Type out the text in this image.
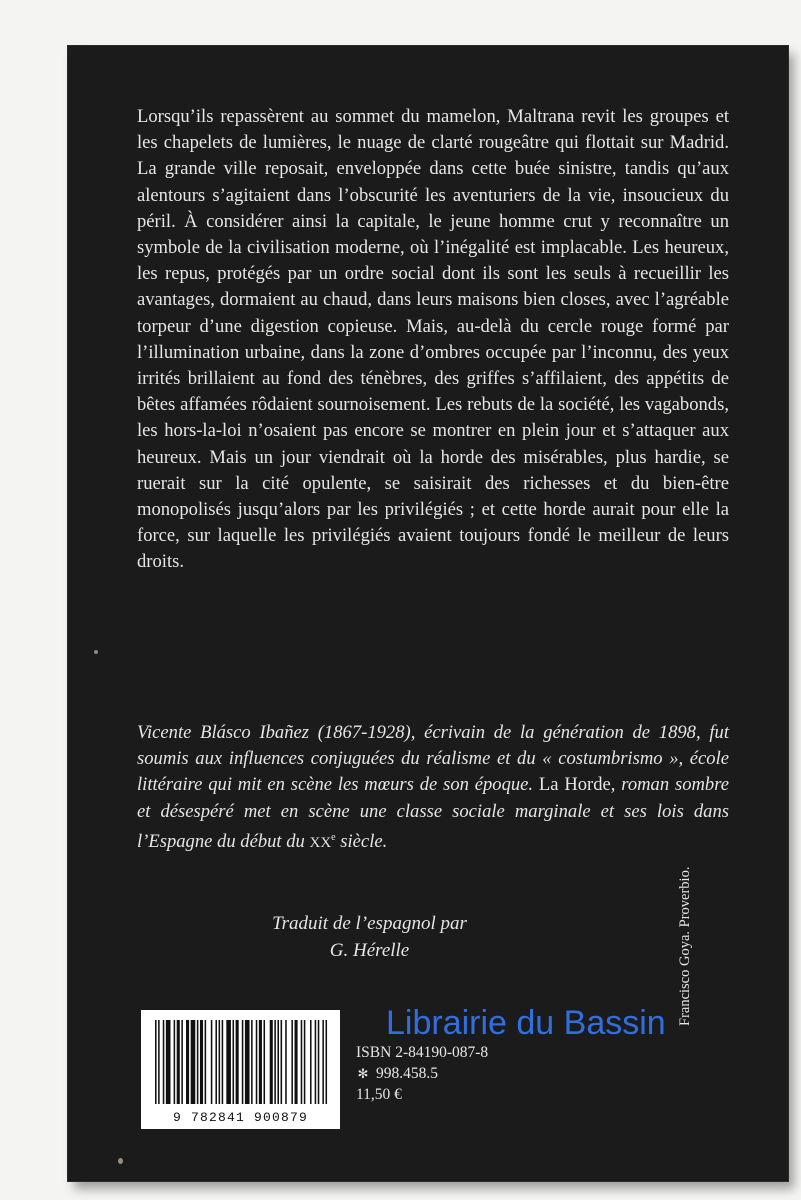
Lorsqu’ils repassèrent au sommet du mamelon, Maltrana revit les groupes et les chapelets de lumières, le nuage de clarté rougeâtre qui flottait sur Madrid. La grande ville reposait, enveloppée dans cette buée sinistre, tandis qu’aux alentours s’agitaient dans l’obscurité les aventuriers de la vie, insoucieux du péril. À considérer ainsi la capitale, le jeune homme crut y reconnaître un symbole de la civilisation moderne, où l’inégalité est implacable. Les heureux, les repus, protégés par un ordre social dont ils sont les seuls à recueillir les avantages, dormaient au chaud, dans leurs maisons bien closes, avec l’agréable torpeur d’une digestion copieuse. Mais, au-delà du cercle rouge formé par l’illumination urbaine, dans la zone d’ombres occupée par l’inconnu, des yeux irrités brillaient au fond des ténèbres, des griffes s’affilaient, des appétits de bêtes affamées rôdaient sournoisement. Les rebuts de la société, les vagabonds, les hors-la-loi n’osaient pas encore se montrer en plein jour et s’attaquer aux heureux. Mais un jour viendrait où la horde des misérables, plus hardie, se ruerait sur la cité opulente, se saisirait des richesses et du bien-être monopolisés jusqu’alors par les privilégiés ; et cette horde aurait pour elle la force, sur laquelle les privilégiés avaient toujours fondé le meilleur de leurs droits.

Vicente Blásco Ibañez (1867-1928), écrivain de la génération de 1898, fut soumis aux influences conjuguées du réalisme et du « costumbrismo », école littéraire qui mit en scène les mœurs de son époque. La Horde, roman sombre et désespéré met en scène une classe sociale marginale et ses lois dans l’Espagne du début du XXe siècle.

Traduit de l’espagnol par
G. Hérelle
9 782841 900879
ISBN 2-84190-087-8
✻ 998.458.5
11,50 €
Librairie du Bassin Francisco Goya. Proverbio.
